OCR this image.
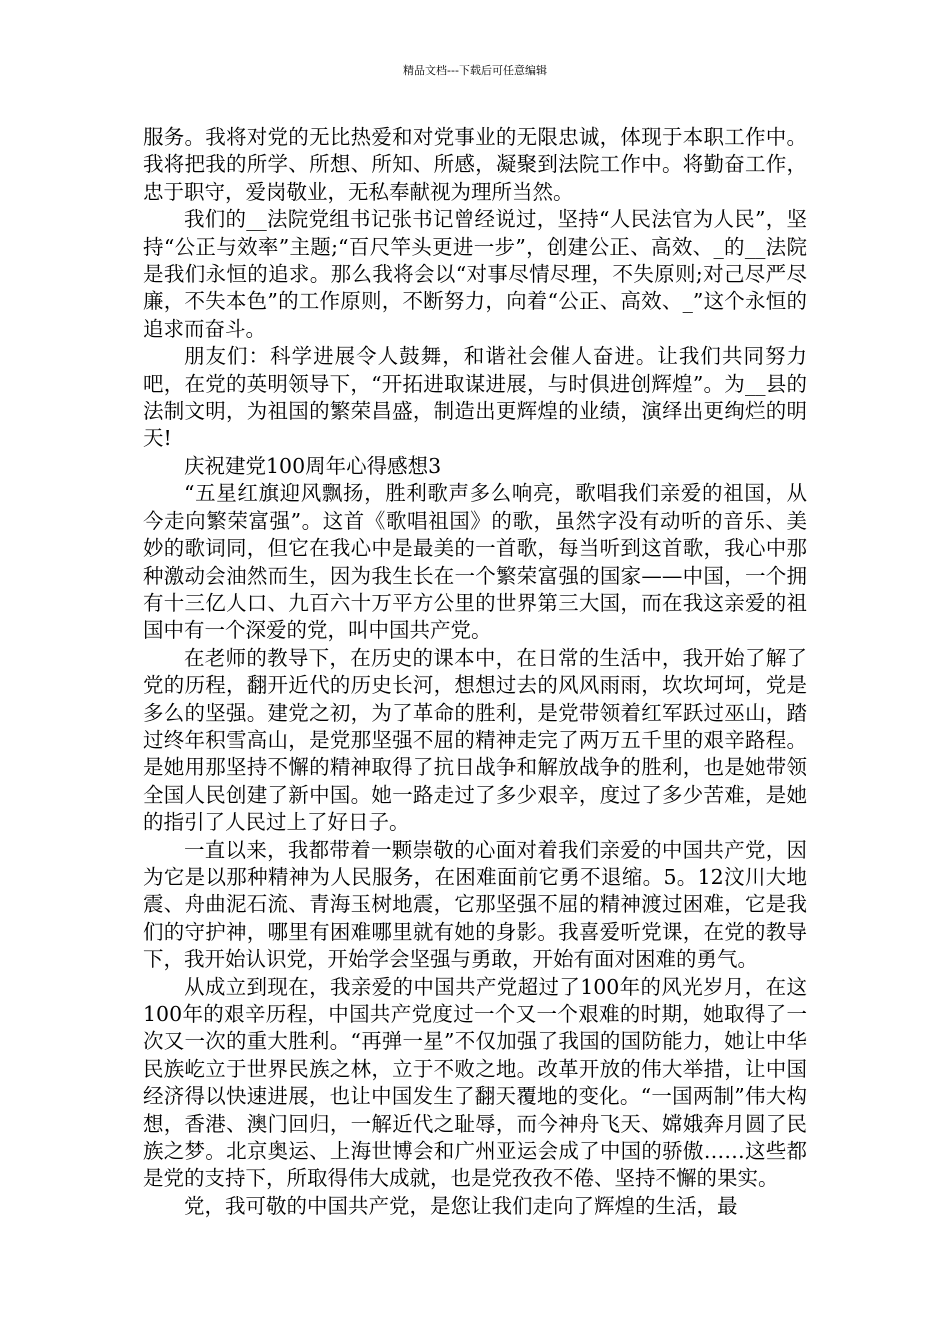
精品文档---下载后可任意编辑

服务。我将对党的无比热爱和对党事业的无限忠诚，体现于本职工作中。我将把我的所学、所想、所知、所感，凝聚到法院工作中。将勤奋工作，忠于职守，爱岗敬业，无私奉献视为理所当然。

我们的__法院党组书记张书记曾经说过，坚持“人民法官为人民”，坚持“公正与效率”主题;“百尺竿头更进一步”，创建公正、高效、_的__法院是我们永恒的追求。那么我将会以“对事尽情尽理，不失原则;对己尽严尽廉，不失本色”的工作原则，不断努力，向着“公正、高效、_”这个永恒的追求而奋斗。

朋友们：科学进展令人鼓舞，和谐社会催人奋进。让我们共同努力吧，在党的英明领导下，“开拓进取谋进展，与时俱进创辉煌”。为__县的法制文明，为祖国的繁荣昌盛，制造出更辉煌的业绩，演绎出更绚烂的明天!

庆祝建党100周年心得感想3

“五星红旗迎风飘扬，胜利歌声多么响亮，歌唱我们亲爱的祖国，从今走向繁荣富强”。这首《歌唱祖国》的歌，虽然字没有动听的音乐、美妙的歌词同，但它在我心中是最美的一首歌，每当听到这首歌，我心中那种激动会油然而生，因为我生长在一个繁荣富强的国家——中国，一个拥有十三亿人口、九百六十万平方公里的世界第三大国，而在我这亲爱的祖国中有一个深爱的党，叫中国共产党。

在老师的教导下，在历史的课本中，在日常的生活中，我开始了解了党的历程，翻开近代的历史长河，想想过去的风风雨雨，坎坎坷坷，党是多么的坚强。建党之初，为了革命的胜利，是党带领着红军跃过巫山，踏过终年积雪高山，是党那坚强不屈的精神走完了两万五千里的艰辛路程。是她用那坚持不懈的精神取得了抗日战争和解放战争的胜利，也是她带领全国人民创建了新中国。她一路走过了多少艰辛，度过了多少苦难，是她的指引了人民过上了好日子。

一直以来，我都带着一颗崇敬的心面对着我们亲爱的中国共产党，因为它是以那种精神为人民服务，在困难面前它勇不退缩。5。12汶川大地震、舟曲泥石流、青海玉树地震，它那坚强不屈的精神渡过困难，它是我们的守护神，哪里有困难哪里就有她的身影。我喜爱听党课，在党的教导下，我开始认识党，开始学会坚强与勇敢，开始有面对困难的勇气。

从成立到现在，我亲爱的中国共产党超过了100年的风光岁月，在这100年的艰辛历程，中国共产党度过一个又一个艰难的时期，她取得了一次又一次的重大胜利。“再弹一星”不仅加强了我国的国防能力，她让中华民族屹立于世界民族之林，立于不败之地。改革开放的伟大举措，让中国经济得以快速进展，也让中国发生了翻天覆地的变化。“一国两制”伟大构想，香港、澳门回归，一解近代之耻辱，而今神舟飞天、嫦娥奔月圆了民族之梦。北京奥运、上海世博会和广州亚运会成了中国的骄傲……这些都是党的支持下，所取得伟大成就，也是党孜孜不倦、坚持不懈的果实。

党，我可敬的中国共产党，是您让我们走向了辉煌的生活，最
